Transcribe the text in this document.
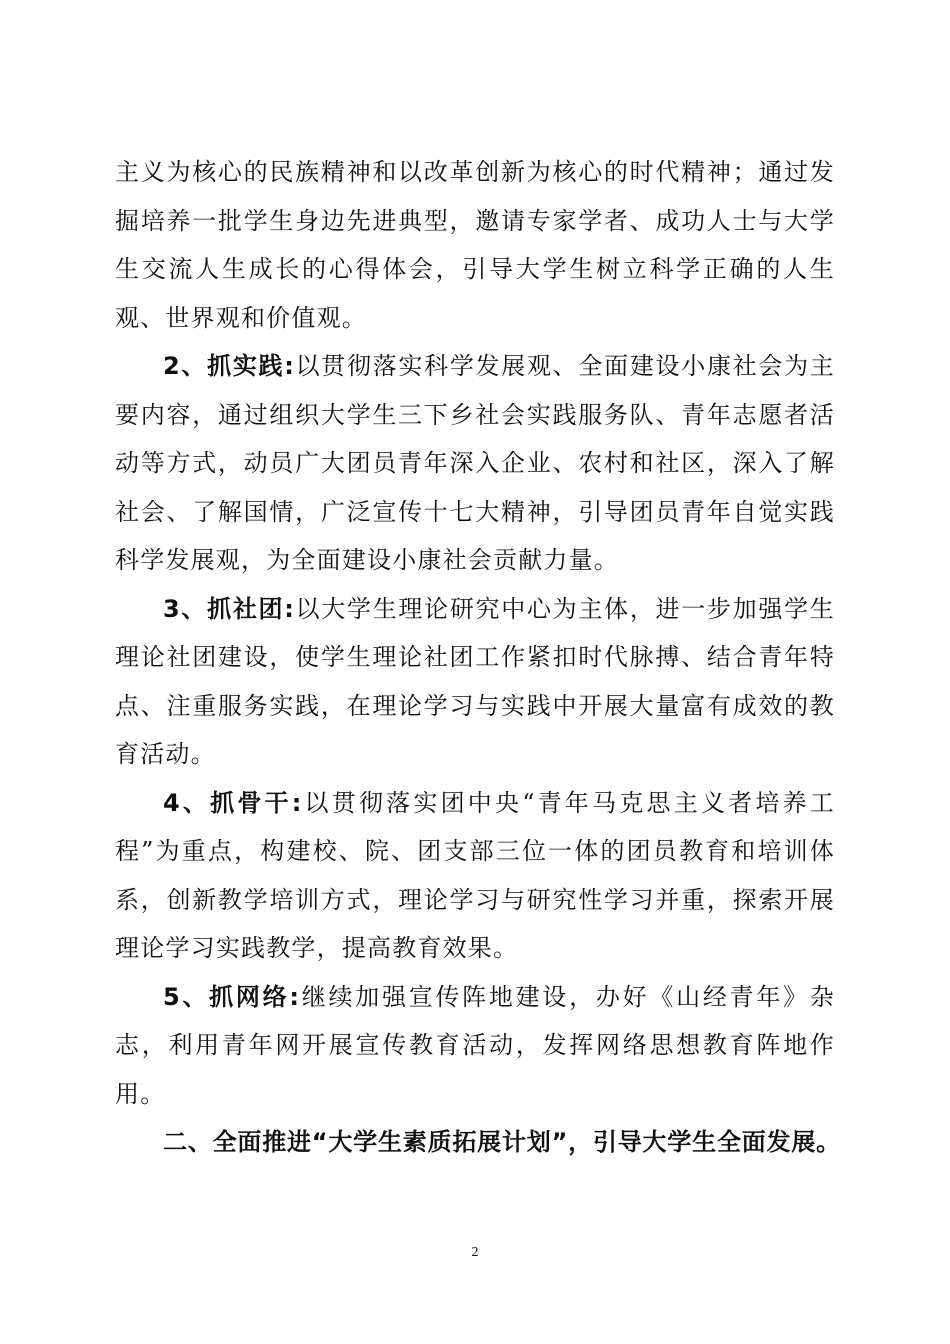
主义为核心的民族精神和以改革创新为核心的时代精神；通过发掘培养一批学生身边先进典型，邀请专家学者、成功人士与大学生交流人生成长的心得体会，引导大学生树立科学正确的人生观、世界观和价值观。

2、抓实践:以贯彻落实科学发展观、全面建设小康社会为主要内容，通过组织大学生三下乡社会实践服务队、青年志愿者活动等方式，动员广大团员青年深入企业、农村和社区，深入了解社会、了解国情，广泛宣传十七大精神，引导团员青年自觉实践科学发展观，为全面建设小康社会贡献力量。

3、抓社团:以大学生理论研究中心为主体，进一步加强学生理论社团建设，使学生理论社团工作紧扣时代脉搏、结合青年特点、注重服务实践，在理论学习与实践中开展大量富有成效的教育活动。

4、抓骨干:以贯彻落实团中央“青年马克思主义者培养工程”为重点，构建校、院、团支部三位一体的团员教育和培训体系，创新教学培训方式，理论学习与研究性学习并重，探索开展理论学习实践教学，提高教育效果。

5、抓网络:继续加强宣传阵地建设，办好《山经青年》杂志，利用青年网开展宣传教育活动，发挥网络思想教育阵地作用。

二、全面推进“大学生素质拓展计划”，引导大学生全面发展。

2
